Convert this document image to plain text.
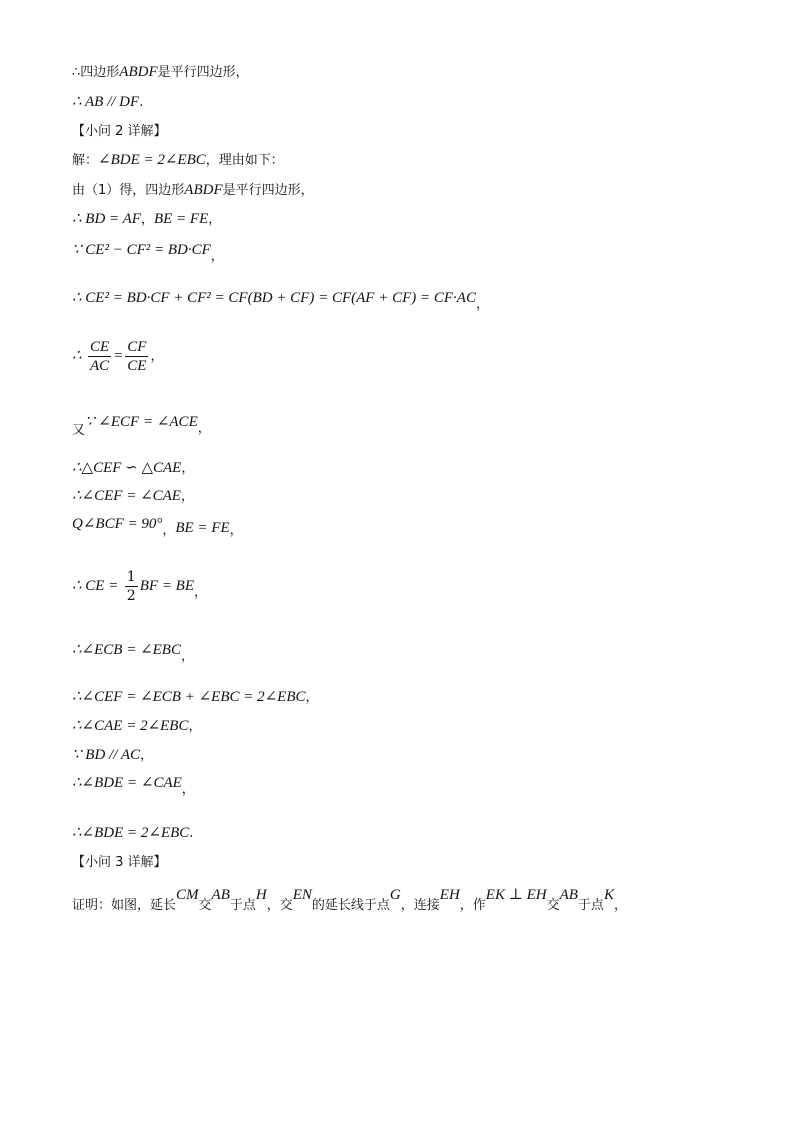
∴四边形ABDF是平行四边形，
∴ AB // DF.
【小问 2 详解】
解：∠BDE = 2∠EBC，理由如下：
由（1）得，四边形ABDF是平行四边形，
∴ BD = AF，BE = FE，
∵ CE² − CF² = BD·CF，
∴ CE² = BD·CF + CF² = CF(BD + CF) = CF(AF + CF) = CF·AC，
∴ $\frac{CE}{AC} = \frac{CF}{CE}$ ，
又∵ ∠ECF = ∠ACE，
∴△CEF ∽ △CAE，
∴∠CEF = ∠CAE，
Q∠BCF = 90°，BE = FE，
∴ CE = $\frac{1}{2}$ BF = BE，
∴∠ECB = ∠EBC，
∴∠CEF = ∠ECB + ∠EBC = 2∠EBC，
∴∠CAE = 2∠EBC，
∵ BD // AC，
∴∠BDE = ∠CAE，
∴∠BDE = 2∠EBC.
【小问 3 详解】
证明：如图，延长CM交AB于点H，交EN的延长线于点G，连接EH，作EK ⊥ EH交AB于点K，
